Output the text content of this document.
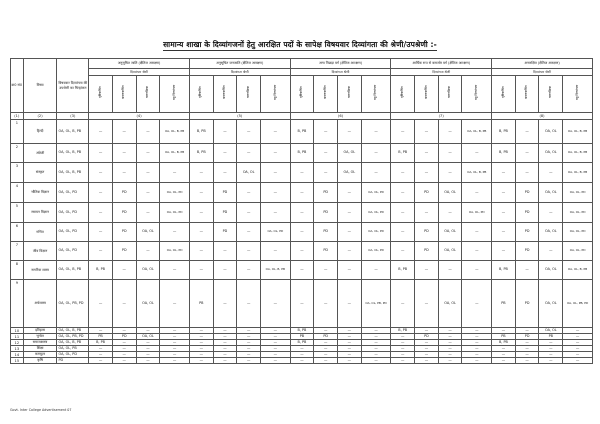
सामान्य शाखा के दिव्यांगजनों हेतु आरक्षित पदों के सापेक्ष विषयवार दिव्यांगता की श्रेणी/उपश्रेणी :-
क्र0 सं0	विषय	विषयवार दिव्यांगता की उपश्रेणी का चिन्हांकन	अनुसूचित जाति (क्षैतिज आरक्षण)				अनुसूचित जनजाति (क्षैतिज आरक्षण)				अन्य पिछड़ा वर्ग (क्षैतिज आरक्षण)				आर्थिक रूप से कमजोर वर्ग (क्षैतिज आरक्षण)				अनारक्षित (क्षैतिज आरक्षण)			
			दिव्यांगता श्रेणी				दिव्यांगता श्रेणी				दिव्यांगता श्रेणी				दिव्यांगता श्रेणी				दिव्यांगता श्रेणी			
			दृष्टिबाधित	श्रवणबाधित	चलनक्रिया	बहु दिव्यांगता	दृष्टिबाधित	श्रवणबाधित	चलनक्रिया	बहु दिव्यांगता	दृष्टिबाधित	श्रवणबाधित	चलनक्रिया	बहु दिव्यांगता	दृष्टिबाधित	श्रवणबाधित	चलनक्रिया	बहु दिव्यांगता	दृष्टिबाधित	श्रवणबाधित	चलनक्रिया	बहु दिव्यांगता
(1)	(2)	(3)	(4)				(5)				(6)				(7)				(8)			
1	हिन्दी	OA, OL, B, PB	—	—	—	OA, OL, B, PB	B, PB	—	—	—	B, PB	—	—	—	—	—	—	OA, OL, B, PB	B, PB	—	OA, OL	OA, OL, B, PB
2	अंग्रेजी	OA, OL, B, PB	—	—	—	OA, OL, B, PB	B, PB	—	—	—	B, PB	—	OA, OL	—	B, PB	—	—	—	B, PB	—	OA, OL	OA, OL, B, PB
3	संस्कृत	OA, OL, B, PB	—	—	—	—	—	—	OA, OL	—	—	—	OA, OL	—	—	—	—	OA, OL, B, PB	—	—	—	OA, OL, B, PB
4	भौतिक विज्ञान	OA, OL, PD	—	PD	—	OA, OL, PD	—	PD	—	—	—	PD	—	OA, OL, PD	—	PD	OA, OL	—	—	PD	OA, OL	OA, OL, PD
5	रसायन विज्ञान	OA, OL, PD	—	PD	—	OA, OL, PD	—	PD	—	—	—	PD	—	OA, OL, PD	—	—	—	OA, OL, PD	—	PD	—	OA, OL, PD
6	गणित	OA, OL, PD	—	PD	OA, OL	—	—	PD	—	OA, OL, PD	—	PD	—	OA, OL, PD	—	PD	OA, OL	—	—	PD	OA, OL	OA, OL, PD
7	जीव विज्ञान	OA, OL, PD	—	PD	—	OA, OL, PD	—	—	—	—	—	PD	—	OA, OL, PD	—	PD	OA, OL	—	—	PD	—	OA, OL, PD
8	नागरिक शास्त्र	OA, OL, B, PB	B, PB	—	OA, OL	—	—	—	—	OA, OL, B, PB	—	—	—	—	B, PB	—	—	—	B, PB	—	OA, OL	OA, OL, B, PB
9	अर्थशास्त्र	OA, OL, PB, PD	—	—	OA, OL	—	PB	—	—	—	—	—	—	OA, OL, PB, PD	—	—	OA, OL	—	PB	PD	OA, OL	OA, OL, PB, PD
10	इतिहास	OA, OL, B, PB	—	—	—	—	—	—	—	—	B, PB	—	—	—	B, PB	—	—	—	—	—	OA, OL	—
11	भूगोल	OA, OL, PB, PD	PB	PD	OA, OL	—	—	—	—	—	PB	PD	—	—	—	PD	—	—	PB	PD	PB	—
12	समाजशास्त्र	OA, OL, B, PB	B, PB	—	—	—	—	—	—	—	B, PB	—	—	—	—	—	—	—	B, PB	—	—	—
13	शिक्षा	OA, OL, PB	—	—	—	—	—	—	—	—	—	—	—	—	—	—	—	—	—	—	—	—
14	कम्प्यूटर	OA, OL, PD	—	—	—	—	—	—	—	—	—	—	—	—	—	—	—	—	—	—	—	—
15	कृषि	PD	—	—	—	—	—	—	—	—	—	—	—	—	—	—	—	—	—	—	—	—
Govt. Inter College Advertisement 07
